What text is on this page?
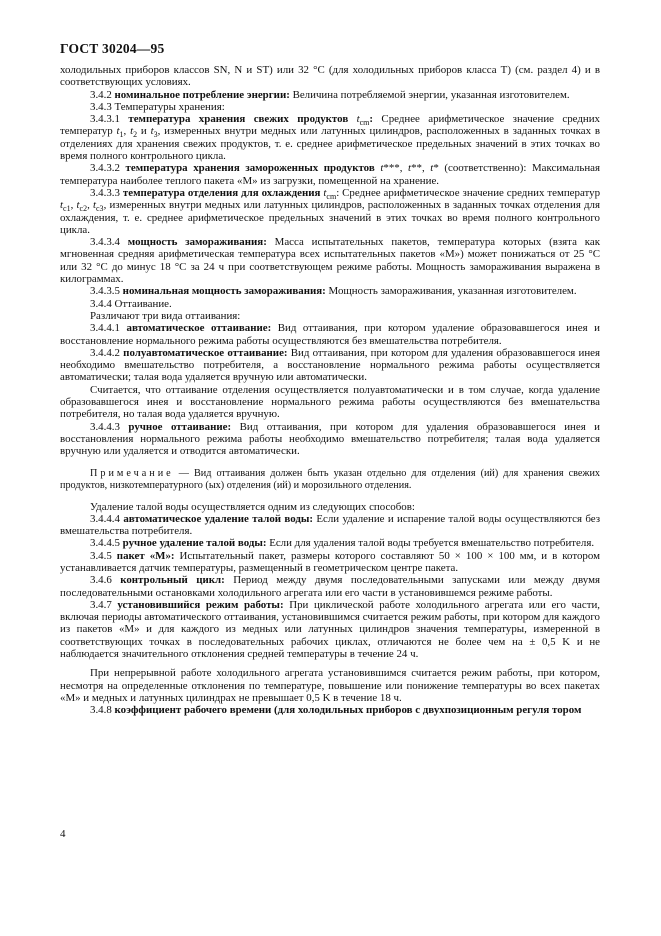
ГОСТ 30204—95

холодильных приборов классов SN, N и ST) или 32 °С (для холодильных приборов класса Т) (см. раздел 4) и в соответствующих условиях.

3.4.2 номинальное потребление энергии: Величина потребляемой энергии, указанная изготовителем.

3.4.3 Температуры хранения:

3.4.3.1 температура хранения свежих продуктов $t_{cm}$: Среднее арифметическое значение средних температур $t_1$, $t_2$ и $t_3$, измеренных внутри медных или латунных цилиндров, расположенных в заданных точках в отделениях для хранения свежих продуктов, т. е. среднее арифметическое предельных значений в этих точках во время полного контрольного цикла.

3.4.3.2 температура хранения замороженных продуктов t***, t**, t* (соответственно): Максимальная температура наиболее теплого пакета «М» из загрузки, помещенной на хранение.

3.4.3.3 температура отделения для охлаждения $t_{cm}$: Среднее арифметическое значение средних температур $t_{c1}$, $t_{c2}$, $t_{c3}$, измеренных внутри медных или латунных цилиндров, расположенных в заданных точках отделения для охлаждения, т. е. среднее арифметическое предельных значений в этих точках во время полного контрольного цикла.

3.4.3.4 мощность замораживания: Масса испытательных пакетов, температура которых (взята как мгновенная средняя арифметическая температура всех испытательных пакетов «М») может понижаться от 25 °С или 32 °С до минус 18 °С за 24 ч при соответствующем режиме работы. Мощность замораживания выражена в килограммах.

3.4.3.5 номинальная мощность замораживания: Мощность замораживания, указанная изготовителем.

3.4.4 Оттаивание.

Различают три вида оттаивания:

3.4.4.1 автоматическое оттаивание: Вид оттаивания, при котором удаление образовавшегося инея и восстановление нормального режима работы осуществляются без вмешательства потребителя.

3.4.4.2 полуавтоматическое оттаивание: Вид оттаивания, при котором для удаления образовавшегося инея необходимо вмешательство потребителя, а восстановление нормального режима работы осуществляется автоматически; талая вода удаляется вручную или автоматически.

Считается, что оттаивание отделения осуществляется полуавтоматически и в том случае, когда удаление образовавшегося инея и восстановление нормального режима работы осуществляются без вмешательства потребителя, но талая вода удаляется вручную.

3.4.4.3 ручное оттаивание: Вид оттаивания, при котором для удаления образовавшегося инея и восстановления нормального режима работы необходимо вмешательство потребителя; талая вода удаляется вручную или удаляется и отводится автоматически.

Примечание — Вид оттаивания должен быть указан отдельно для отделения (ий) для хранения свежих продуктов, низкотемпературного (ых) отделения (ий) и морозильного отделения.

Удаление талой воды осуществляется одним из следующих способов:

3.4.4.4 автоматическое удаление талой воды: Если удаление и испарение талой воды осуществляются без вмешательства потребителя.

3.4.4.5 ручное удаление талой воды: Если для удаления талой воды требуется вмешательство потребителя.

3.4.5 пакет «М»: Испытательный пакет, размеры которого составляют 50 × 100 × 100 мм, и в котором устанавливается датчик температуры, размещенный в геометрическом центре пакета.

3.4.6 контрольный цикл: Период между двумя последовательными запусками или между двумя последовательными остановками холодильного агрегата или его части в установившемся режиме работы.

3.4.7 установившийся режим работы: При циклической работе холодильного агрегата или его части, включая периоды автоматического оттаивания, установившимся считается режим работы, при котором для каждого из пакетов «М» и для каждого из медных или латунных цилиндров значения температуры, измеренной в соответствующих точках в последовательных рабочих циклах, отличаются не более чем на ± 0,5 K и не наблюдается значительного отклонения средней температуры в течение 24 ч.

При непрерывной работе холодильного агрегата установившимся считается режим работы, при котором, несмотря на определенные отклонения по температуре, повышение или понижение температуры во всех пакетах «М» и медных и латунных цилиндрах не превышает 0,5 K в течение 18 ч.

3.4.8 коэффициент рабочего времени (для холодильных приборов с двухпозиционным регуля тором

4
